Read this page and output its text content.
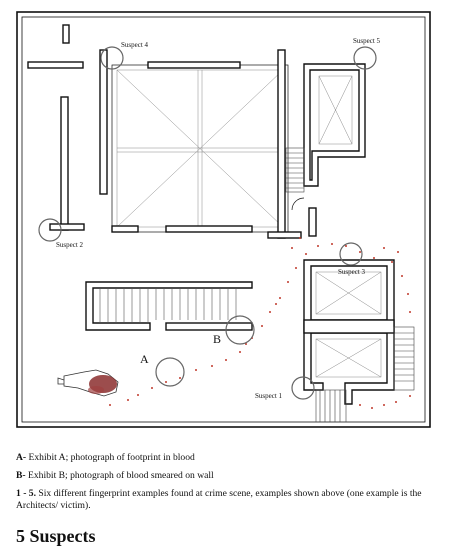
Suspect 4	Suspect 5
Suspect 2
Suspect 3
Suspect 1
A
B
A- Exhibit A; photograph of footprint in blood
B- Exhibit B; photograph of blood smeared on wall
1 - 5. Six different fingerprint examples found at crime scene, examples shown above (one example is the Architects/ victim).
5 Suspects
